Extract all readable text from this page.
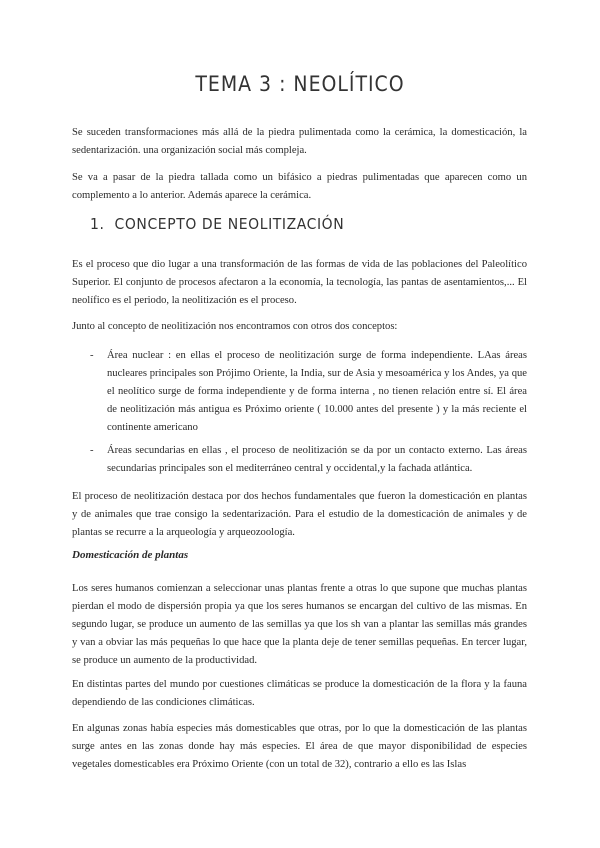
TEMA 3 : NEOLÍTICO

Se suceden transformaciones más allá de la piedra pulimentada como la cerámica, la domesticación, la sedentarización. una organización social más compleja.

Se va a pasar de la piedra tallada como un bifásico a piedras pulimentadas que aparecen como un complemento a lo anterior. Además aparece la cerámica.

1. CONCEPTO DE NEOLITIZACIÓN

Es el proceso que dio lugar a una transformación de las formas de vida de las poblaciones del Paleolítico Superior. El conjunto de procesos afectaron a la economía, la tecnología, las pantas de asentamientos,... El neolífico es el periodo, la neolitización es el proceso.

Junto al concepto de neolitización nos encontramos con otros dos conceptos:

- Área nuclear : en ellas el proceso de neolitización surge de forma independiente. LAas áreas nucleares principales son Prójimo Oriente, la India, sur de Asia y mesoamérica y los Andes, ya que el neolítico surge de forma independiente y de forma interna , no tienen relación entre sí. El área de neolitización más antigua es Próximo oriente ( 10.000 antes del presente ) y la más reciente el continente americano

- Áreas secundarias en ellas , el proceso de neolitización se da por un contacto externo. Las áreas secundarias principales son el mediterráneo central y occidental,y la fachada atlántica.

El proceso de neolitización destaca por dos hechos fundamentales que fueron la domesticación en plantas y de animales que trae consigo la sedentarización. Para el estudio de la domesticación de animales y de plantas se recurre a la arqueología y arqueozoología.

Domesticación de plantas

Los seres humanos comienzan a seleccionar unas plantas frente a otras lo que supone que muchas plantas pierdan el modo de dispersión propia ya que los seres humanos se encargan del cultivo de las mismas. En segundo lugar, se produce un aumento de las semillas ya que los sh van a plantar las semillas más grandes y van a obviar las más pequeñas lo que hace que la planta deje de tener semillas pequeñas. En tercer lugar, se produce un aumento de la productividad.

En distintas partes del mundo por cuestiones climáticas se produce la domesticación de la flora y la fauna dependiendo de las condiciones climáticas.

En algunas zonas había especies más domesticables que otras, por lo que la domesticación de las plantas surge antes en las zonas donde hay más especies. El área de que mayor disponibilidad de especies vegetales domesticables era Próximo Oriente (con un total de 32), contrario a ello es las Islas
